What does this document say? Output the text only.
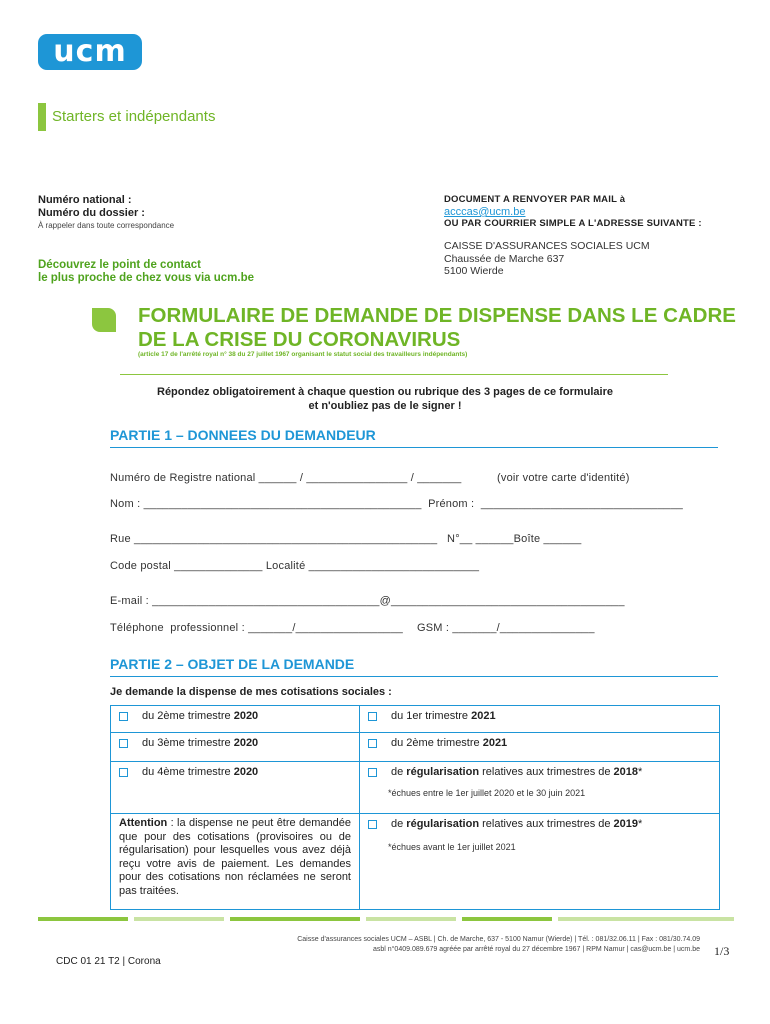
ucm
Starters et indépendants
Numéro national :
Numéro du dossier :
À rappeler dans toute correspondance
Découvrez le point de contact
le plus proche de chez vous via ucm.be
DOCUMENT A RENVOYER PAR MAIL à
acccas@ucm.be
OU PAR COURRIER SIMPLE A L'ADRESSE SUIVANTE :
CAISSE D'ASSURANCES SOCIALES UCM
Chaussée de Marche 637
5100 Wierde
FORMULAIRE DE DEMANDE DE DISPENSE DANS LE CADRE
DE LA CRISE DU CORONAVIRUS
(article 17 de l'arrêté royal n° 38 du 27 juillet 1967 organisant le statut social des travailleurs indépendants)
Répondez obligatoirement à chaque question ou rubrique des 3 pages de ce formulaire
et n'oubliez pas de le signer !
PARTIE 1 – DONNEES DU DEMANDEUR
Numéro de Registre national ______ / ________________ / _______	(voir votre carte d'identité)
Nom : ____________________________________________  Prénom :  ________________________________
Rue ________________________________________________   N°__ ______Boîte ______
Code postal ______________ Localité ___________________________
E-mail : ____________________________________@_____________________________________
Téléphone  professionnel : _______/_________________ GSM : _______/_______________
PARTIE 2 – OBJET DE LA DEMANDE
Je demande la dispense de mes cotisations sociales :
du 2ème trimestre 2020	du 1er trimestre 2021

du 3ème trimestre 2020	du 2ème trimestre 2021

du 4ème trimestre 2020	de régularisation relatives aux trimestres de 2018*
*échues entre le 1er juillet 2020 et le 30 juin 2021

Attention : la dispense ne peut être demandée que pour des cotisations (provisoires ou de régularisation) pour lesquelles vous avez déjà reçu votre avis de paiement. Les demandes pour des cotisations non réclamées ne seront pas traitées.	de régularisation relatives aux trimestres de 2019*
*échues avant le 1er juillet 2021
Caisse d'assurances sociales UCM – ASBL | Ch. de Marche, 637 - 5100 Namur (Wierde) | Tél. : 081/32.06.11 | Fax : 081/30.74.09
asbl n°0409.089.679 agréée par arrêté royal du 27 décembre 1967 | RPM Namur | cas@ucm.be | ucm.be
CDC 01 21 T2 | Corona
1/3
